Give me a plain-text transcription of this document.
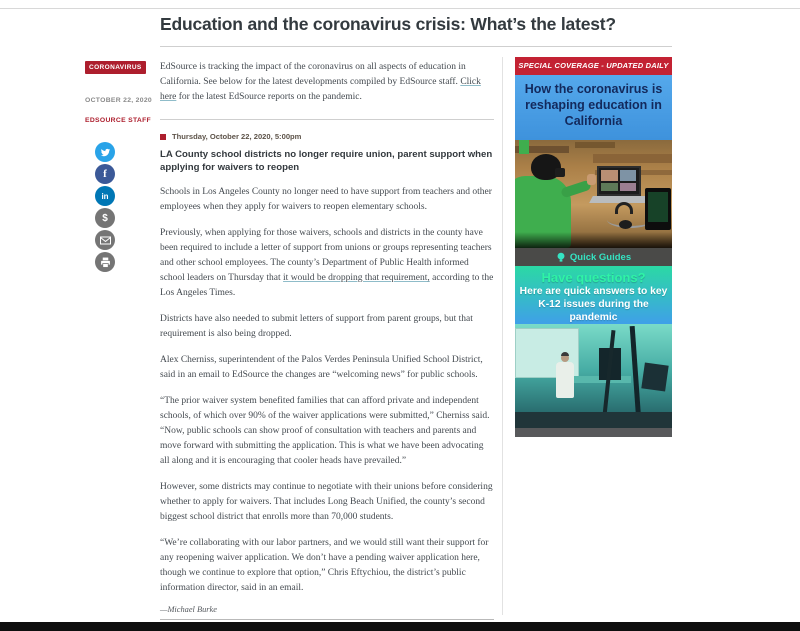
Education and the coronavirus crisis: What’s the latest?
CORONAVIRUS
OCTOBER 22, 2020
EDSOURCE STAFF
f
in
$

EdSource is tracking the impact of the coronavirus on all aspects of education in California. See below for the latest developments compiled by EdSource staff. Click here for the latest EdSource reports on the pandemic.

Thursday, October 22, 2020, 5:00pm
LA County school districts no longer require union, parent support when applying for waivers to reopen

Schools in Los Angeles County no longer need to have support from teachers and other employees when they apply for waivers to reopen elementary schools.

Previously, when applying for those waivers, schools and districts in the county have been required to include a letter of support from unions or groups representing teachers and other school employees. The county’s Department of Public Health informed school leaders on Thursday that it would be dropping that requirement, according to the Los Angeles Times.

Districts have also needed to submit letters of support from parent groups, but that requirement is also being dropped.

Alex Cherniss, superintendent of the Palos Verdes Peninsula Unified School District, said in an email to EdSource the changes are “welcoming news” for public schools.

“The prior waiver system benefited families that can afford private and independent schools, of which over 90% of the waiver applications were submitted,” Cherniss said. “Now, public schools can show proof of consultation with teachers and parents and move forward with submitting the application. This is what we have been advocating all along and it is encouraging that cooler heads have prevailed.”

However, some districts may continue to negotiate with their unions before considering whether to apply for waivers. That includes Long Beach Unified, the county’s second biggest school district that enrolls more than 70,000 students.

“We’re collaborating with our labor partners, and we would still want their support for any reopening waiver application. We don’t have a pending waiver application here, though we continue to explore that option,” Chris Eftychiou, the district’s public information director, said in an email.

—Michael Burke
SPECIAL COVERAGE - UPDATED DAILY
How the coronavirus is reshaping education in California
Quick Guides
Have questions?
Here are quick answers to key K-12 issues during the pandemic
